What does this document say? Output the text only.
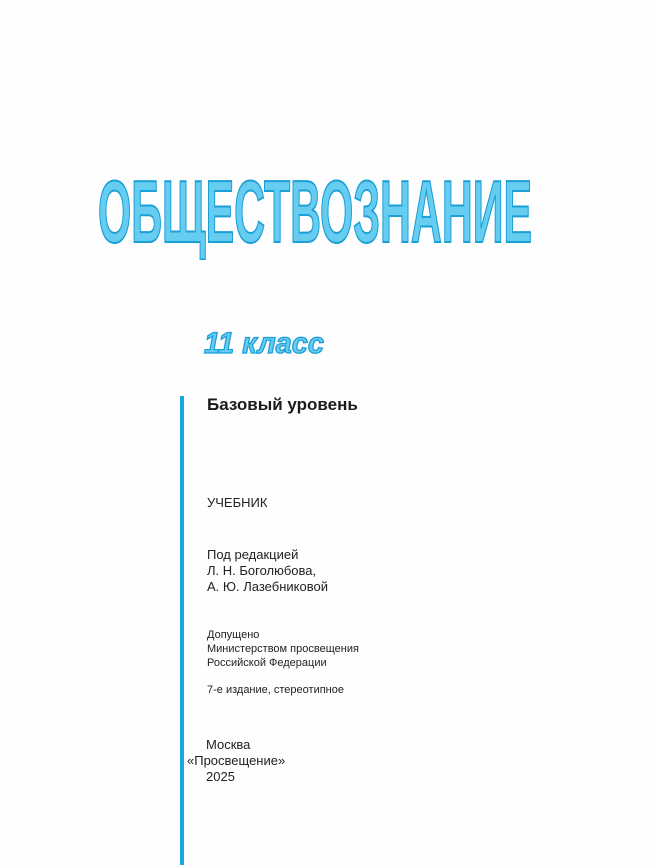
ОБЩЕСТВОЗНАНИЕ
11 класс
Базовый уровень
УЧЕБНИК
Под редакцией
Л. Н. Боголюбова,
А. Ю. Лазебниковой
Допущено
Министерством просвещения
Российской Федерации
7-е издание, стереотипное
Москва
«Просвещение»
2025
